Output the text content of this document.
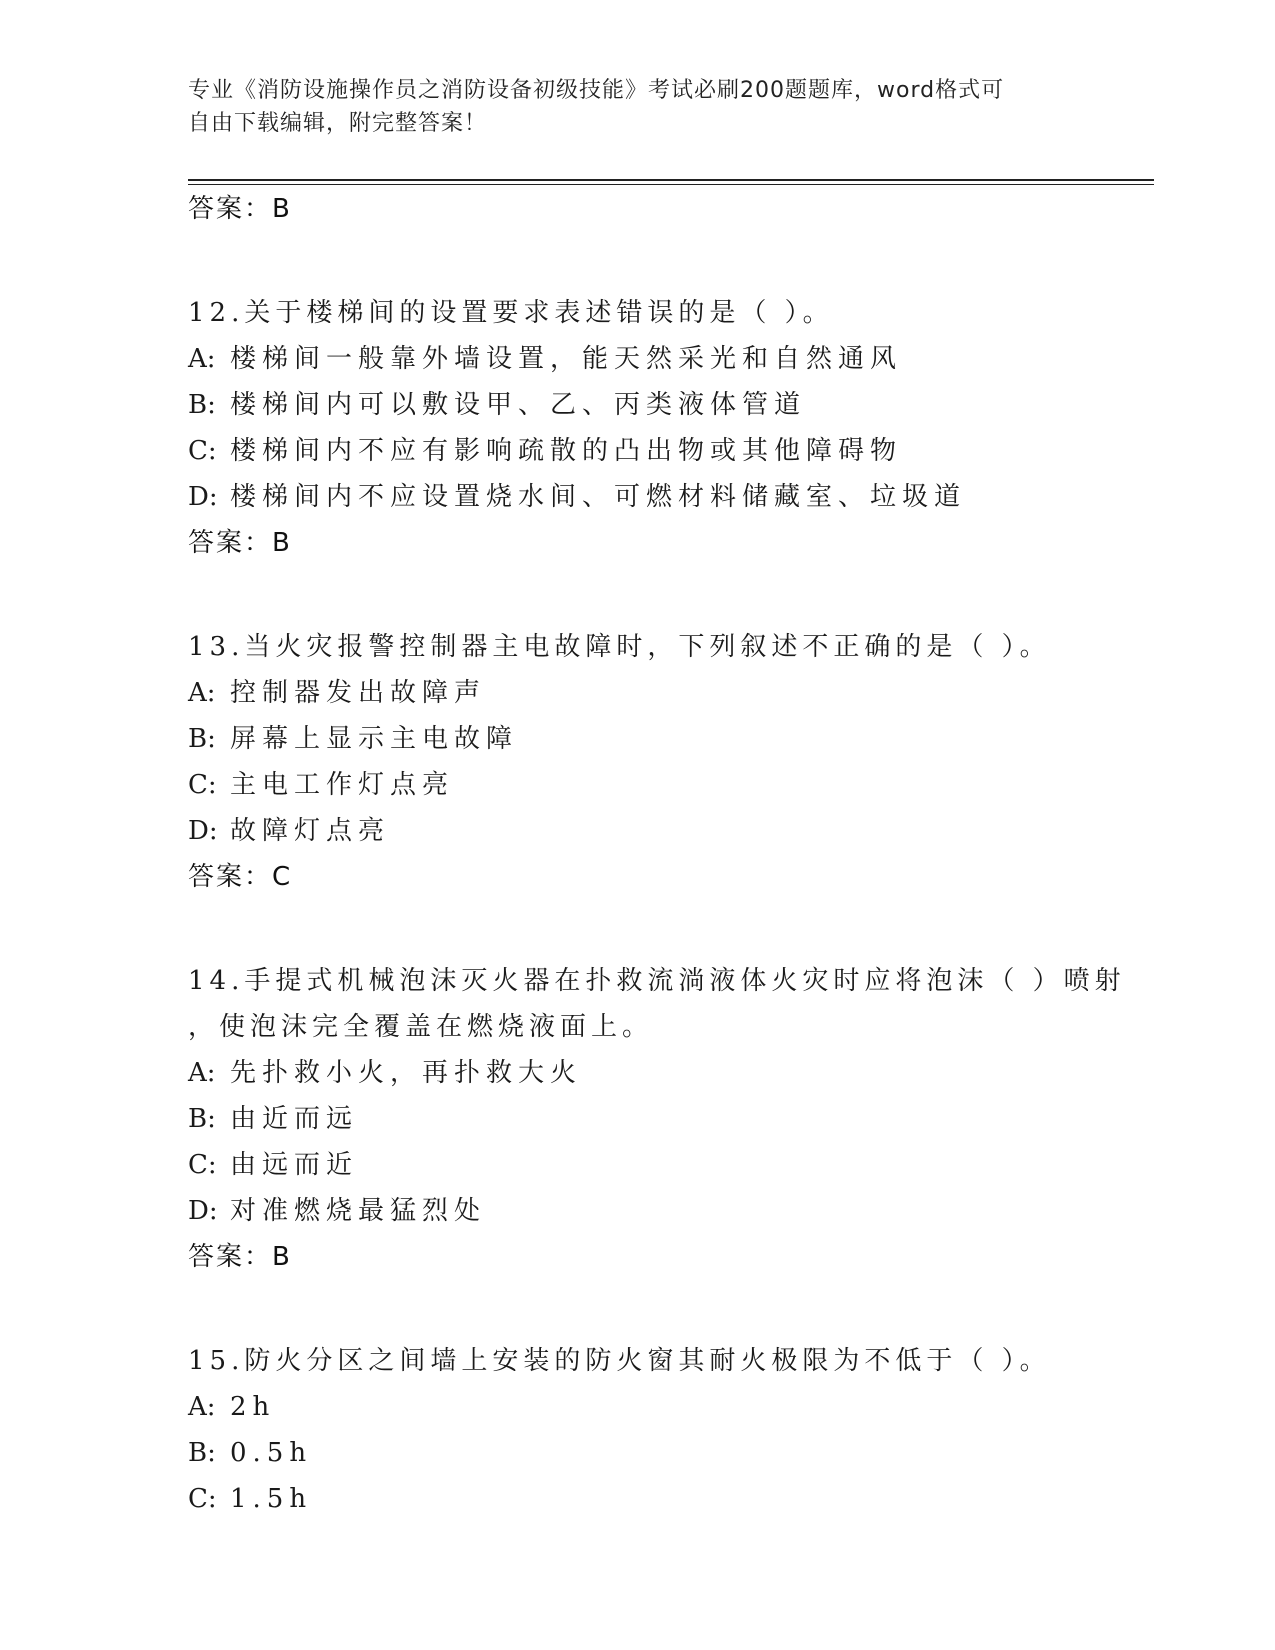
专业《消防设施操作员之消防设备初级技能》考试必刷200题题库，word格式可
自由下载编辑，附完整答案！
答案：B
12.关于楼梯间的设置要求表述错误的是（ ）。
A: 楼梯间一般靠外墙设置，能天然采光和自然通风
B: 楼梯间内可以敷设甲、乙、丙类液体管道
C: 楼梯间内不应有影响疏散的凸出物或其他障碍物
D: 楼梯间内不应设置烧水间、可燃材料储藏室、垃圾道
答案：B
13.当火灾报警控制器主电故障时，下列叙述不正确的是（ ）。
A: 控制器发出故障声
B: 屏幕上显示主电故障
C: 主电工作灯点亮
D: 故障灯点亮
答案：C
14.手提式机械泡沫灭火器在扑救流淌液体火灾时应将泡沫（ ）喷射
，使泡沫完全覆盖在燃烧液面上。
A: 先扑救小火，再扑救大火
B: 由近而远
C: 由远而近
D: 对准燃烧最猛烈处
答案：B
15.防火分区之间墙上安装的防火窗其耐火极限为不低于（ ）。
A: 2h
B: 0.5h
C: 1.5h
